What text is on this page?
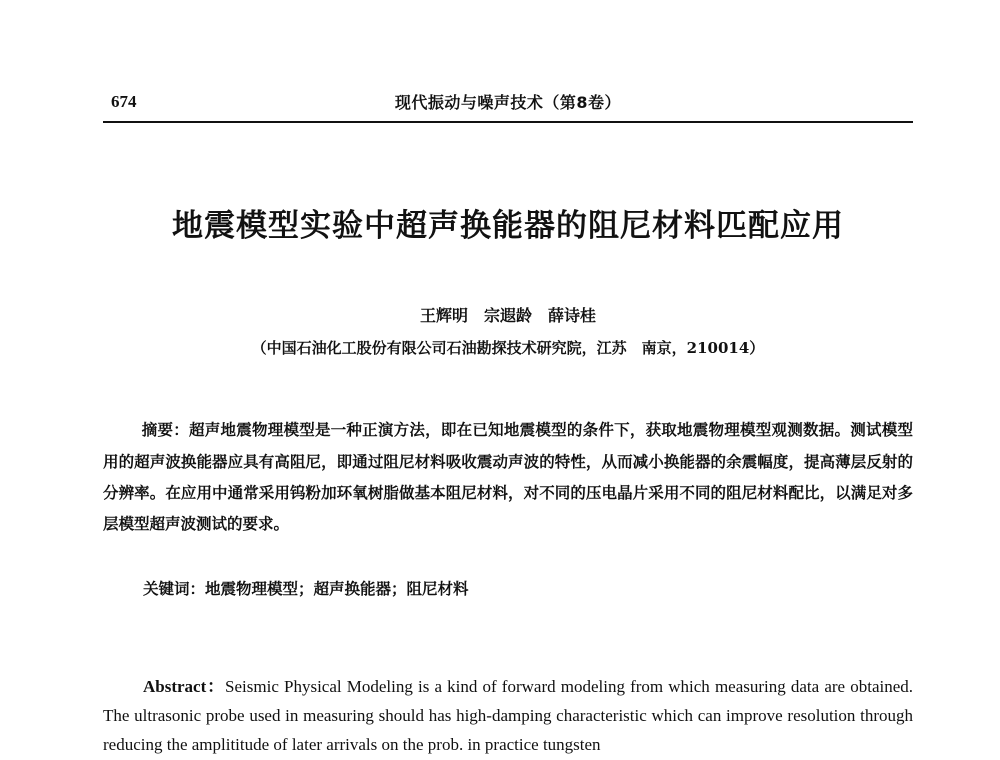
674	现代振动与噪声技术（第8卷）
地震模型实验中超声换能器的阻尼材料匹配应用
王辉明　宗遐龄　薛诗桂
（中国石油化工股份有限公司石油勘探技术研究院，江苏　南京，210014）

摘要：超声地震物理模型是一种正演方法，即在已知地震模型的条件下，获取地震物理模型观测数据。测试模型用的超声波换能器应具有高阻尼，即通过阻尼材料吸收震动声波的特性，从而减小换能器的余震幅度，提高薄层反射的分辨率。在应用中通常采用钨粉加环氧树脂做基本阻尼材料，对不同的压电晶片采用不同的阻尼材料配比，以满足对多层模型超声波测试的要求。

关键词：地震物理模型；超声换能器；阻尼材料

Abstract：Seismic Physical Modeling is a kind of forward modeling from which measuring data are obtained. The ultrasonic probe used in measuring should has high-damping characteristic which can improve resolution through reducing the amplititude of later arrivals on the prob. in practice tungsten
